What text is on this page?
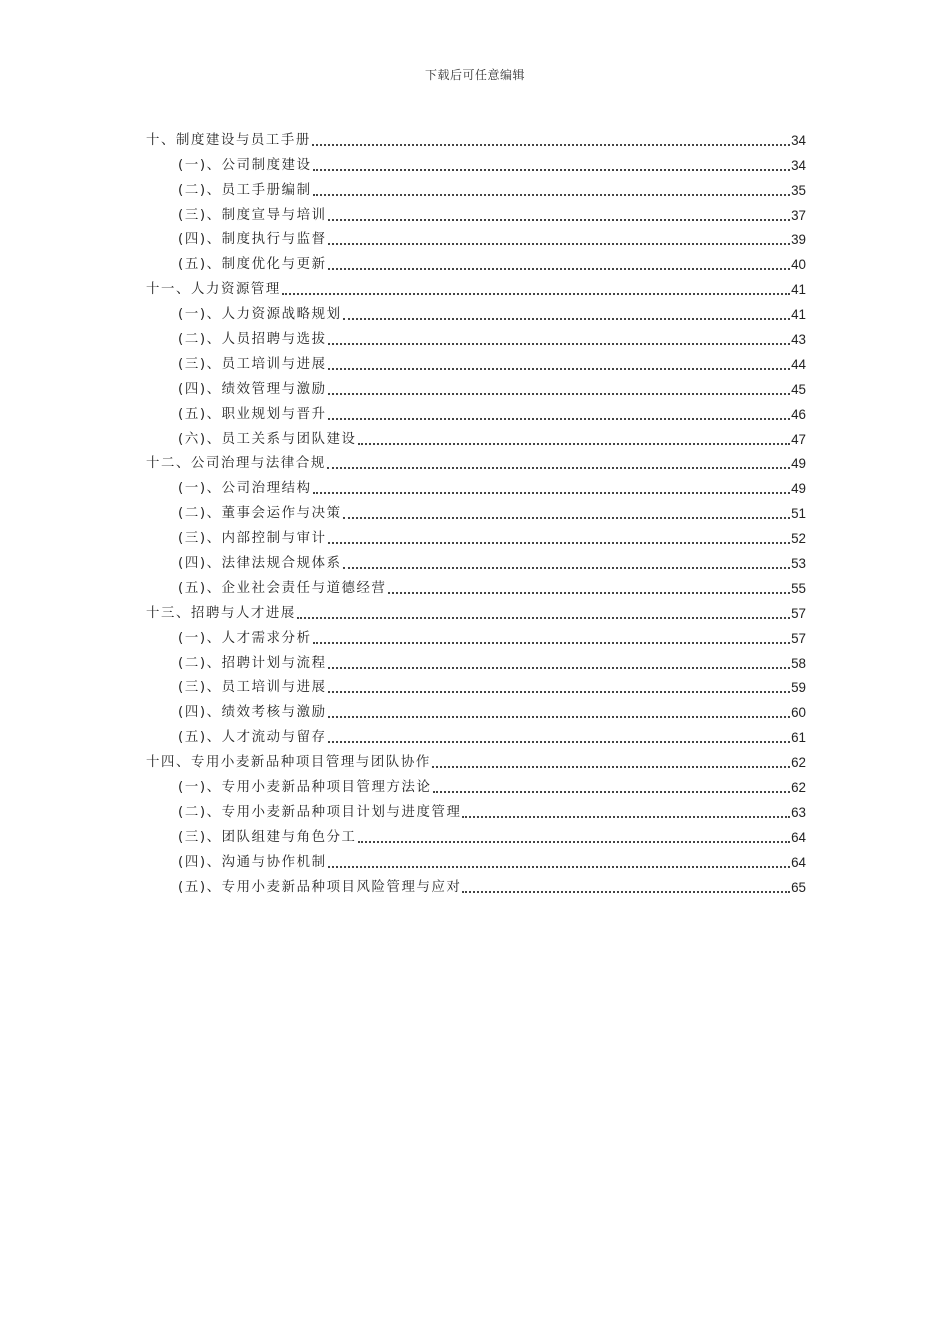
下载后可任意编辑
十、制度建设与员工手册	34
(一)、公司制度建设	34
(二)、员工手册编制	35
(三)、制度宣导与培训	37
(四)、制度执行与监督	39
(五)、制度优化与更新	40
十一、人力资源管理	41
(一)、人力资源战略规划	41
(二)、人员招聘与选拔	43
(三)、员工培训与进展	44
(四)、绩效管理与激励	45
(五)、职业规划与晋升	46
(六)、员工关系与团队建设	47
十二、公司治理与法律合规	49
(一)、公司治理结构	49
(二)、董事会运作与决策	51
(三)、内部控制与审计	52
(四)、法律法规合规体系	53
(五)、企业社会责任与道德经营	55
十三、招聘与人才进展	57
(一)、人才需求分析	57
(二)、招聘计划与流程	58
(三)、员工培训与进展	59
(四)、绩效考核与激励	60
(五)、人才流动与留存	61
十四、专用小麦新品种项目管理与团队协作	62
(一)、专用小麦新品种项目管理方法论	62
(二)、专用小麦新品种项目计划与进度管理	63
(三)、团队组建与角色分工	64
(四)、沟通与协作机制	64
(五)、专用小麦新品种项目风险管理与应对	65
